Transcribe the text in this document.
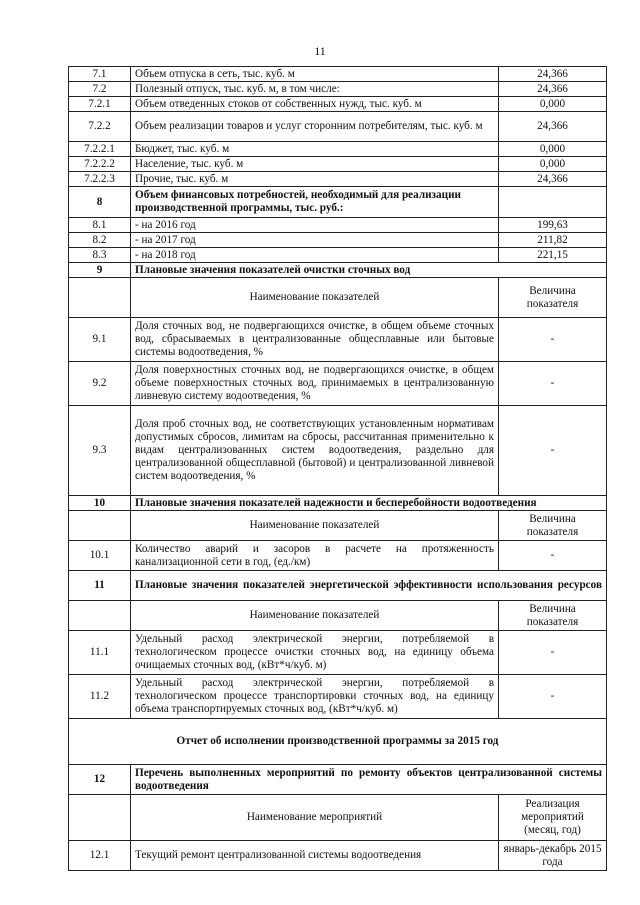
11
7.1	Объем отпуска в сеть, тыс. куб. м	24,366
7.2	Полезный отпуск, тыс. куб. м, в том числе:	24,366
7.2.1	Объем отведенных стоков от собственных нужд, тыс. куб. м	0,000
7.2.2	Объем реализации товаров и услуг сторонним потребителям, тыс. куб. м	24,366
7.2.2.1	Бюджет, тыс. куб. м	0,000
7.2.2.2	Население, тыс. куб. м	0,000
7.2.2.3	Прочие, тыс. куб. м	24,366
8	Объем финансовых потребностей, необходимый для реализации производственной программы, тыс. руб.:	
8.1	- на 2016 год	199,63
8.2	- на 2017 год	211,82
8.3	- на 2018 год	221,15
9	Плановые значения показателей очистки сточных вод	
	Наименование показателей	Величина показателя
9.1	Доля сточных вод, не подвергающихся очистке, в общем объеме сточных вод, сбрасываемых в централизованные общесплавные или бытовые системы водоотведения, %	-
9.2	Доля поверхностных сточных вод, не подвергающихся очистке, в общем объеме поверхностных сточных вод, принимаемых в централизованную ливневую систему водоотведения, %	-
9.3	Доля проб сточных вод, не соответствующих установленным нормативам допустимых сбросов, лимитам на сбросы, рассчитанная применительно к видам централизованных систем водоотведения, раздельно для централизованной общесплавной (бытовой) и централизованной ливневой систем водоотведения, %	-
10	Плановые значения показателей надежности и бесперебойности водоотведения	
	Наименование показателей	Величина показателя
10.1	Количество аварий и засоров в расчете на протяженность канализационной сети в год, (ед./км)	-
11	Плановые значения показателей энергетической эффективности использования ресурсов	
	Наименование показателей	Величина показателя
11.1	Удельный расход электрической энергии, потребляемой в технологическом процессе очистки сточных вод, на единицу объема очищаемых сточных вод, (кВт*ч/куб. м)	-
11.2	Удельный расход электрической энергии, потребляемой в технологическом процессе транспортировки сточных вод, на единицу объема транспортируемых сточных вод, (кВт*ч/куб. м)	-
Отчет об исполнении производственной программы за 2015 год		
12	Перечень выполненных мероприятий по ремонту объектов централизованной системы водоотведения	
	Наименование мероприятий	Реализация мероприятий (месяц, год)
12.1	Текущий ремонт централизованной системы водоотведения	январь-декабрь 2015 года
